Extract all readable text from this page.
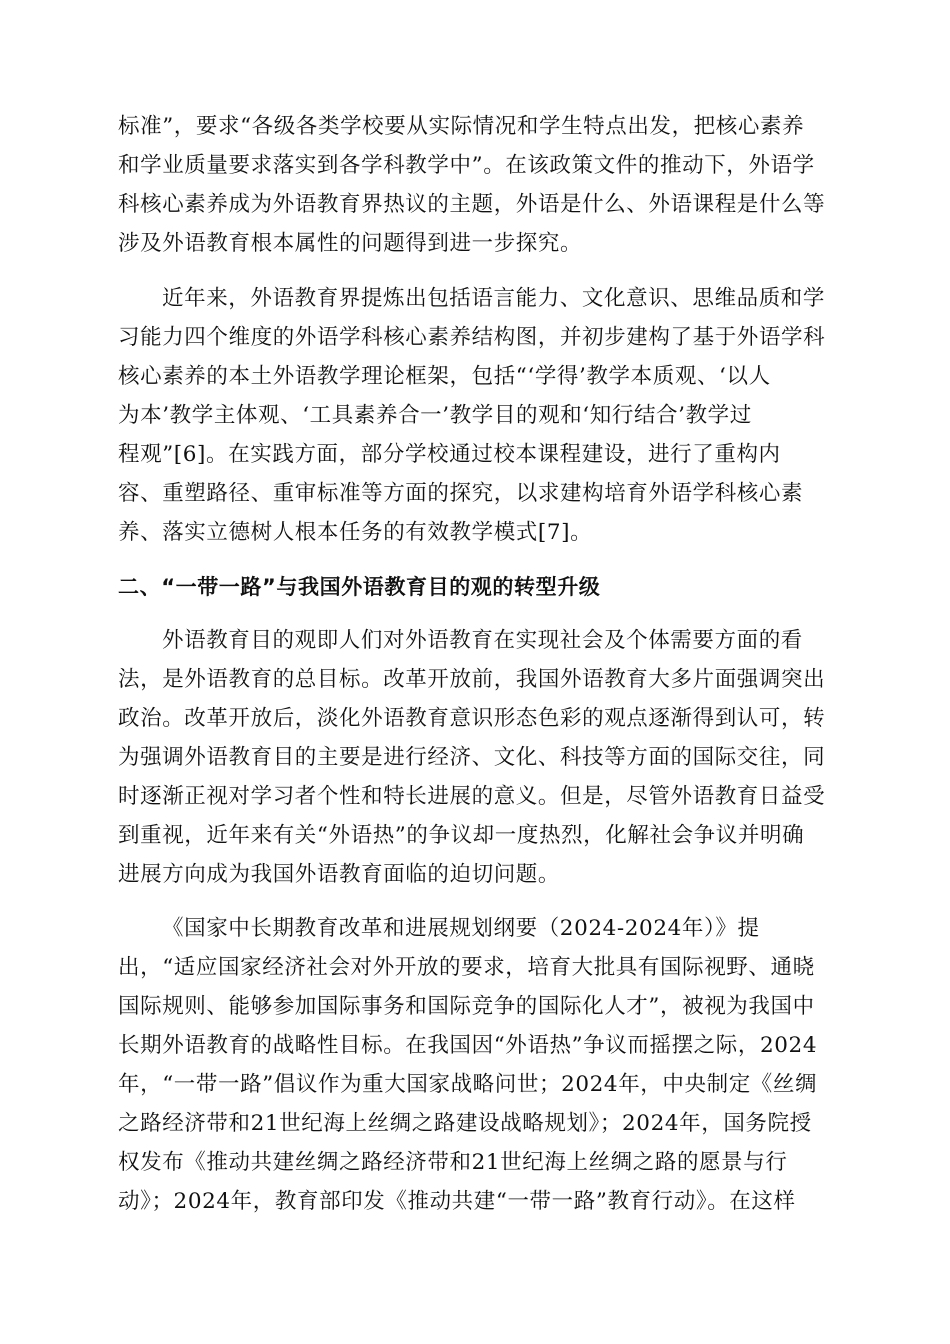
标准”，要求“各级各类学校要从实际情况和学生特点出发，把核心素养
和学业质量要求落实到各学科教学中”。在该政策文件的推动下，外语学
科核心素养成为外语教育界热议的主题，外语是什么、外语课程是什么等
涉及外语教育根本属性的问题得到进一步探究。
近年来，外语教育界提炼出包括语言能力、文化意识、思维品质和学
习能力四个维度的外语学科核心素养结构图，并初步建构了基于外语学科
核心素养的本土外语教学理论框架，包括“‘学得’教学本质观、‘以人
为本’教学主体观、‘工具素养合一’教学目的观和‘知行结合’教学过
程观”[6]。在实践方面，部分学校通过校本课程建设，进行了重构内
容、重塑路径、重审标准等方面的探究，以求建构培育外语学科核心素
养、落实立德树人根本任务的有效教学模式[7]。
二、“一带一路”与我国外语教育目的观的转型升级
外语教育目的观即人们对外语教育在实现社会及个体需要方面的看
法，是外语教育的总目标。改革开放前，我国外语教育大多片面强调突出
政治。改革开放后，淡化外语教育意识形态色彩的观点逐渐得到认可，转
为强调外语教育目的主要是进行经济、文化、科技等方面的国际交往，同
时逐渐正视对学习者个性和特长进展的意义。但是，尽管外语教育日益受
到重视，近年来有关“外语热”的争议却一度热烈，化解社会争议并明确
进展方向成为我国外语教育面临的迫切问题。
《国家中长期教育改革和进展规划纲要（2024-2024年）》提
出，“适应国家经济社会对外开放的要求，培育大批具有国际视野、通晓
国际规则、能够参加国际事务和国际竞争的国际化人才”，被视为我国中
长期外语教育的战略性目标。在我国因“外语热”争议而摇摆之际，2024
年，“一带一路”倡议作为重大国家战略问世；2024年，中央制定《丝绸
之路经济带和21世纪海上丝绸之路建设战略规划》；2024年，国务院授
权发布《推动共建丝绸之路经济带和21世纪海上丝绸之路的愿景与行
动》；2024年，教育部印发《推动共建“一带一路”教育行动》。在这样
